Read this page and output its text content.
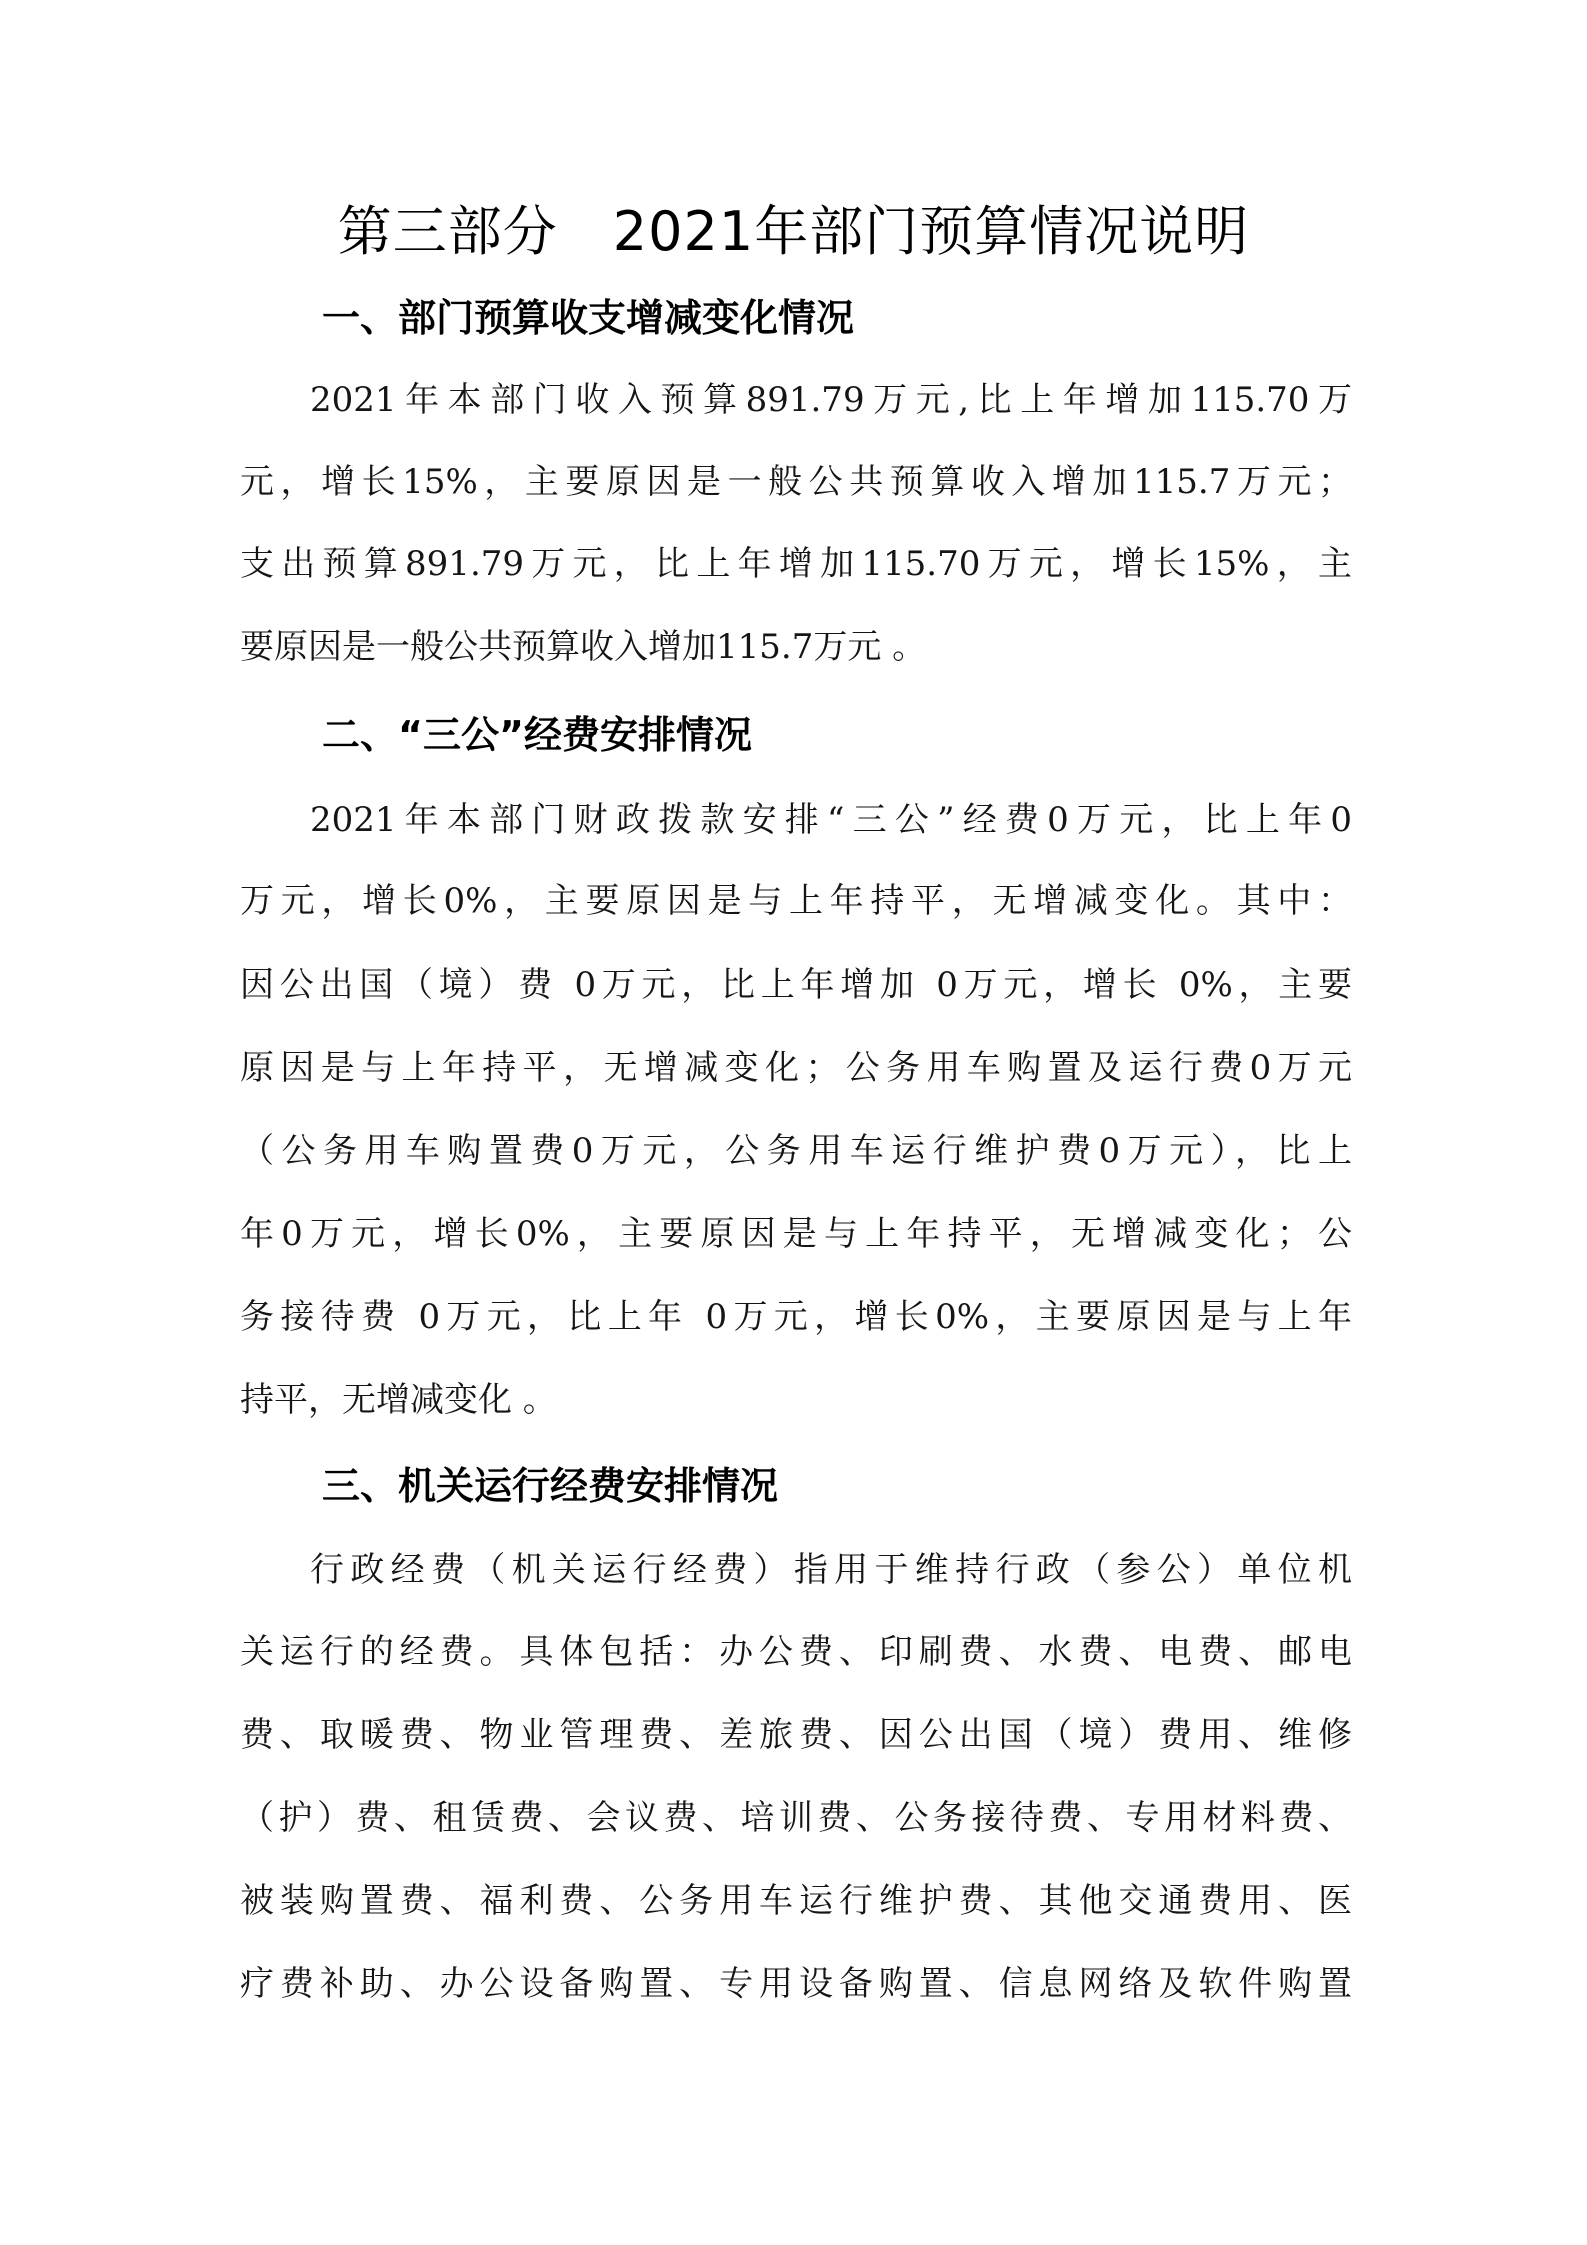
第三部分　2021年部门预算情况说明
一、部门预算收支增减变化情况
2021年本部门收入预算891.79万元,比上年增加115.70万
元，增长15%，主要原因是一般公共预算收入增加115.7万元；
支出预算891.79万元，比上年增加115.70万元，增长15%，主
要原因是一般公共预算收入增加115.7万元 。
二、“三公”经费安排情况
2021年本部门财政拨款安排“三公”经费0万元，比上年0
万元，增长0%，主要原因是与上年持平，无增减变化。其中：
因公出国（境）费 0万元，比上年增加 0万元，增长 0%，主要
原因是与上年持平，无增减变化；公务用车购置及运行费0万元
（公务用车购置费0万元，公务用车运行维护费0万元），比上
年0万元，增长0%，主要原因是与上年持平，无增减变化；公
务接待费 0万元，比上年 0万元，增长0%，主要原因是与上年
持平，无增减变化 。
三、机关运行经费安排情况
行政经费（机关运行经费）指用于维持行政（参公）单位机
关运行的经费。具体包括：办公费、印刷费、水费、电费、邮电
费、取暖费、物业管理费、差旅费、因公出国（境）费用、维修
（护）费、租赁费、会议费、培训费、公务接待费、专用材料费、
被装购置费、福利费、公务用车运行维护费、其他交通费用、医
疗费补助、办公设备购置、专用设备购置、信息网络及软件购置
